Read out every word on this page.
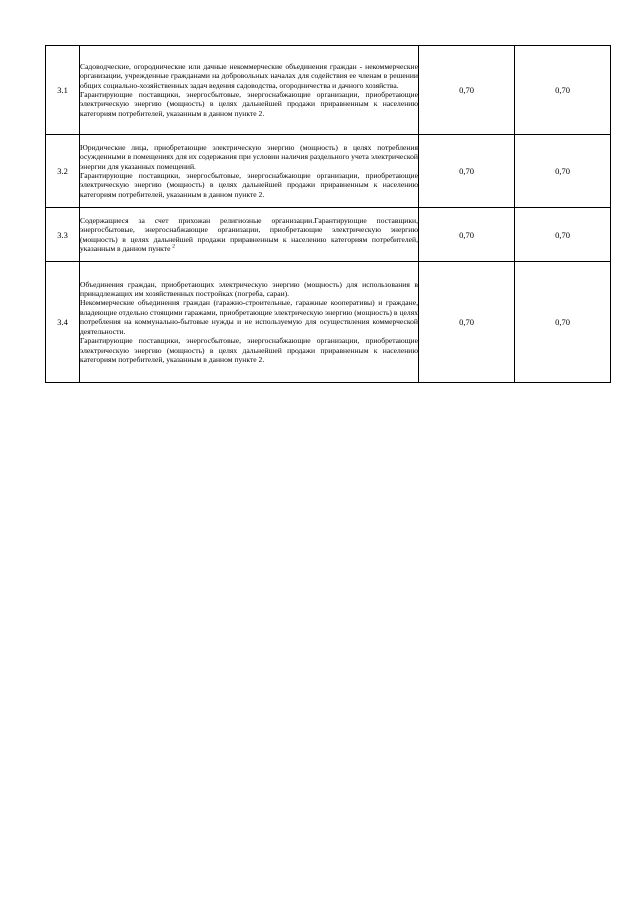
3.1	Садоводческие, огороднические или дачные некоммерческие объединения граждан - некоммерческие организации, учрежденные гражданами на добровольных началах для содействия ее членам в решении общих социально-хозяйственных задач ведения садоводства, огородничества и дачного хозяйства.
Гарантирующие поставщики, энергосбытовые, энергоснабжающие организации, приобретающие электрическую энергию (мощность) в целях дальнейшей продажи приравненным к населению категориям потребителей, указанным в данном пункте 2.	0,70	0,70
3.2	Юридические лица, приобретающие электрическую энергию (мощность) в целях потребления осужденными в помещениях для их содержания при условии наличия раздельного учета электрической энергии для указанных помещений.
Гарантирующие поставщики, энергосбытовые, энергоснабжающие организации, приобретающие электрическую энергию (мощность) в целях дальнейшей продажи приравненным к населению категориям потребителей, указанным в данном пункте 2.	0,70	0,70
3.3	Содержащиеся за счет прихожан религиозные организации.Гарантирующие поставщики, энергосбытовые, энергоснабжающие организации, приобретающие электрическую энергию (мощность) в целях дальнейшей продажи приравненным к населению категориям потребителей, указанным в данном пункте $^2$	0,70	0,70
3.4	Объединения граждан, приобретающих электрическую энергию (мощность) для использования в принадлежащих им хозяйственных постройках (погреба, сараи).
Некоммерческие объединения граждан (гаражно-строительные, гаражные кооперативы) и граждане, владеющие отдельно стоящими гаражами, приобретающие электрическую энергию (мощность) в целях потребления на коммунально-бытовые нужды и не используемую для осуществления коммерческой деятельности.
Гарантирующие поставщики, энергосбытовые, энергоснабжающие организации, приобретающие электрическую энергию (мощность) в целях дальнейшей продажи приравненным к населению категориям потребителей, указанным в данном пункте 2.	0,70	0,70
